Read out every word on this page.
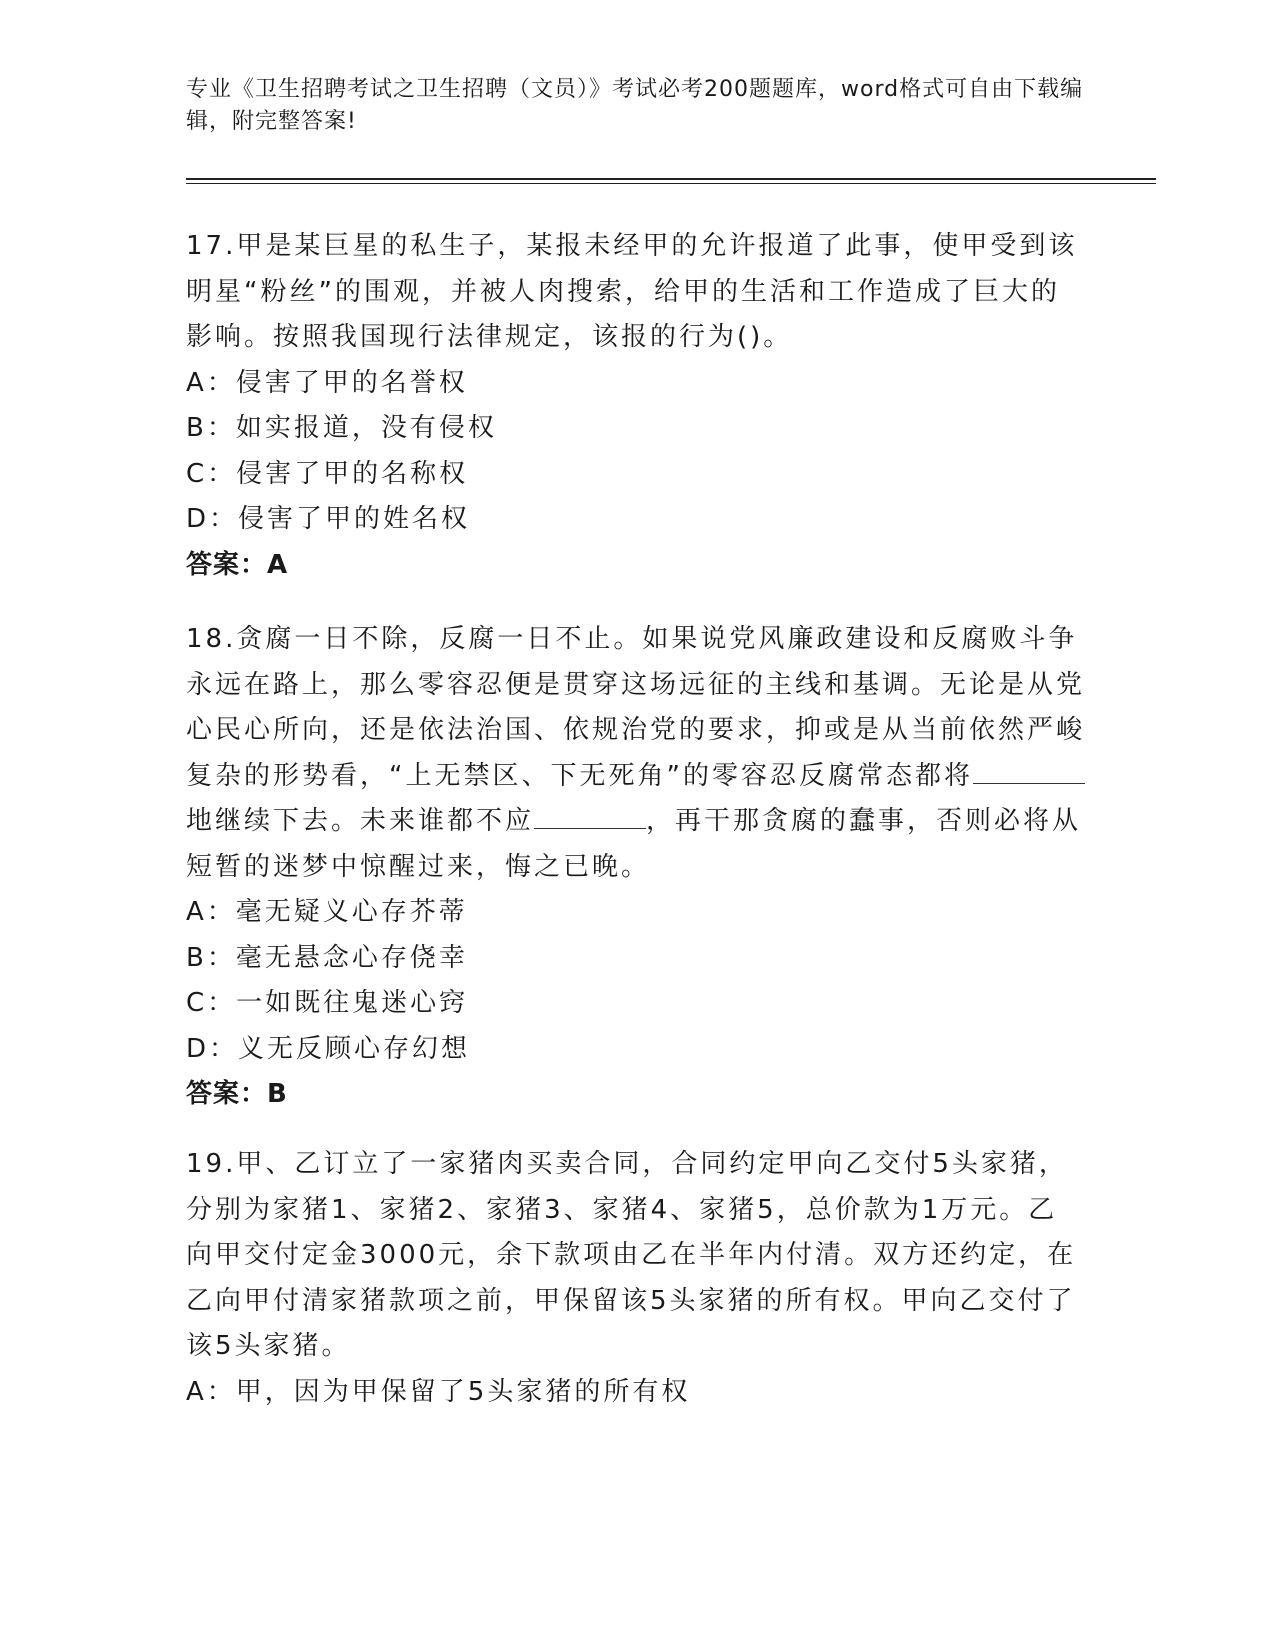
专业《卫生招聘考试之卫生招聘（文员）》考试必考200题题库，word格式可自由下载编辑，附完整答案!

17.甲是某巨星的私生子，某报未经甲的允许报道了此事，使甲受到该明星“粉丝”的围观，并被人肉搜索，给甲的生活和工作造成了巨大的影响。按照我国现行法律规定，该报的行为()。

A：侵害了甲的名誉权

B：如实报道，没有侵权

C：侵害了甲的名称权

D：侵害了甲的姓名权

答案：A

18.贪腐一日不除，反腐一日不止。如果说党风廉政建设和反腐败斗争永远在路上，那么零容忍便是贯穿这场远征的主线和基调。无论是从党心民心所向，还是依法治国、依规治党的要求，抑或是从当前依然严峻复杂的形势看，“上无禁区、下无死角”的零容忍反腐常态都将地继续下去。未来谁都不应	，再干那贪腐的蠢事，否则必将从短暂的迷梦中惊醒过来，悔之已晚。

A：毫无疑义心存芥蒂

B：毫无悬念心存侥幸

C：一如既往鬼迷心窍

D：义无反顾心存幻想

答案：B

19.甲、乙订立了一家猪肉买卖合同，合同约定甲向乙交付5头家猪，分别为家猪1、家猪2、家猪3、家猪4、家猪5，总价款为1万元。乙向甲交付定金3000元，余下款项由乙在半年内付清。双方还约定，在乙向甲付清家猪款项之前，甲保留该5头家猪的所有权。甲向乙交付了该5头家猪。

A：甲，因为甲保留了5头家猪的所有权
